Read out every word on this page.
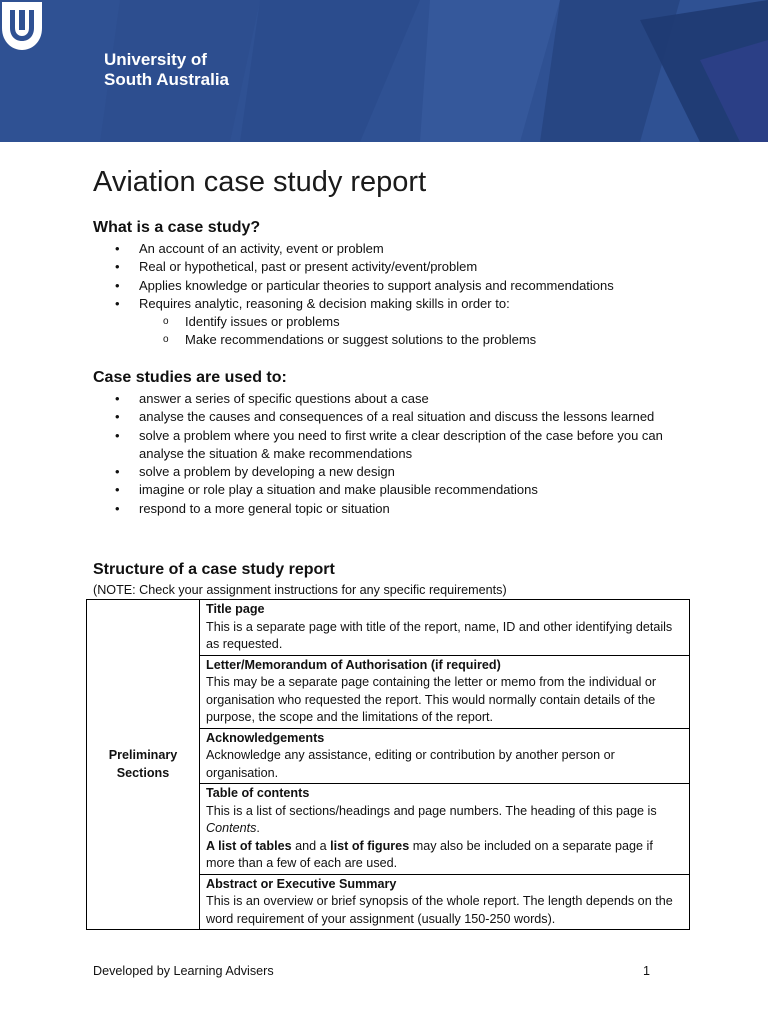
University of
South Australia
Aviation case study report
What is a case study?
• An account of an activity, event or problem
• Real or hypothetical, past or present activity/event/problem
• Applies knowledge or particular theories to support analysis and recommendations
• Requires analytic, reasoning & decision making skills in order to:
o Identify issues or problems
o Make recommendations or suggest solutions to the problems
Case studies are used to:
• answer a series of specific questions about a case
• analyse the causes and consequences of a real situation and discuss the lessons learned
• solve a problem where you need to first write a clear description of the case before you can analyse the situation & make recommendations
• solve a problem by developing a new design
• imagine or role play a situation and make plausible recommendations
• respond to a more general topic or situation
Structure of a case study report
(NOTE: Check your assignment instructions for any specific requirements)
Preliminary
Sections	
Title page
This is a separate page with title of the report, name, ID and other identifying details as requested.

Letter/Memorandum of Authorisation (if required)
This may be a separate page containing the letter or memo from the individual or organisation who requested the report. This would normally contain details of the purpose, the scope and the limitations of the report.

Acknowledgements
Acknowledge any assistance, editing or contribution by another person or organisation.

Table of contents
This is a list of sections/headings and page numbers. The heading of this page is Contents.
A list of tables and a list of figures may also be included on a separate page if more than a few of each are used.

Abstract or Executive Summary
This is an overview or brief synopsis of the whole report. The length depends on the word requirement of your assignment (usually 150-250 words).
Developed by Learning Advisers	1
